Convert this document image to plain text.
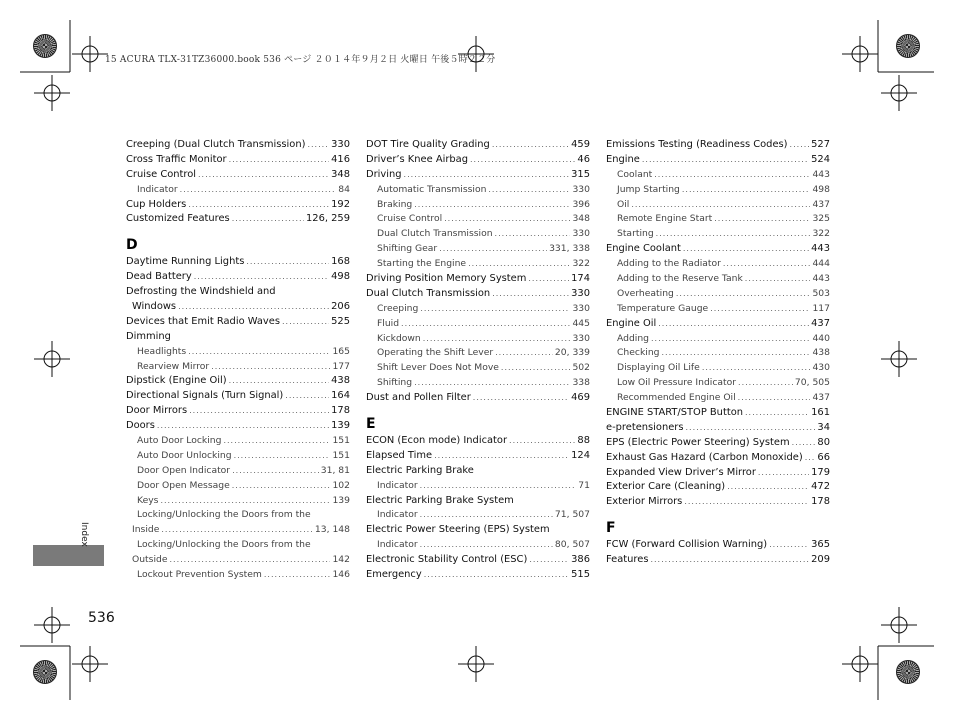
15 ACURA TLX-31TZ36000.book 536 ページ ２０１４年９月２日 火曜日 午後５時２２分
Creeping (Dual Clutch Transmission) .....	330
Cross Traffic Monitor .....	416
Cruise Control .....	348
Indicator .....	84
Cup Holders .....	192
Customized Features .....	126, 259
D
Daytime Running Lights .....	168
Dead Battery .....	498
Defrosting the Windshield and
Windows .....	206
Devices that Emit Radio Waves .....	525
Dimming
Headlights .....	165
Rearview Mirror .....	177
Dipstick (Engine Oil) .....	438
Directional Signals (Turn Signal) .....	164
Door Mirrors .....	178
Doors .....	139
Auto Door Locking .....	151
Auto Door Unlocking .....	151
Door Open Indicator .....	31, 81
Door Open Message .....	102
Keys .....	139
Locking/Unlocking the Doors from the
Inside .....	13, 148
Locking/Unlocking the Doors from the
Outside .....	142
Lockout Prevention System .....	146
DOT Tire Quality Grading .....	459
Driver’s Knee Airbag .....	46
Driving .....	315
Automatic Transmission .....	330
Braking .....	396
Cruise Control .....	348
Dual Clutch Transmission .....	330
Shifting Gear .....	331, 338
Starting the Engine .....	322
Driving Position Memory System .....	174
Dual Clutch Transmission .....	330
Creeping .....	330
Fluid .....	445
Kickdown .....	330
Operating the Shift Lever .....	20, 339
Shift Lever Does Not Move .....	502
Shifting .....	338
Dust and Pollen Filter .....	469
E
ECON (Econ mode) Indicator .....	88
Elapsed Time .....	124
Electric Parking Brake
Indicator .....	71
Electric Parking Brake System
Indicator .....	71, 507
Electric Power Steering (EPS) System
Indicator .....	80, 507
Electronic Stability Control (ESC) .....	386
Emergency .....	515
Emissions Testing (Readiness Codes) ..... 527
Engine .....	524
Coolant .....	443
Jump Starting .....	498
Oil .....	437
Remote Engine Start .....	325
Starting .....	322
Engine Coolant .....	443
Adding to the Radiator .....	444
Adding to the Reserve Tank .....	443
Overheating .....	503
Temperature Gauge .....	117
Engine Oil .....	437
Adding .....	440
Checking .....	438
Displaying Oil Life .....	430
Low Oil Pressure Indicator .....	70, 505
Recommended Engine Oil .....	437
ENGINE START/STOP Button .....	161
e-pretensioners .....	34
EPS (Electric Power Steering) System .....	80
Exhaust Gas Hazard (Carbon Monoxide) ..... 66
Expanded View Driver’s Mirror .....	179
Exterior Care (Cleaning) .....	472
Exterior Mirrors .....	178
F
FCW (Forward Collision Warning) .....	365
Features .....	209
Index
536
